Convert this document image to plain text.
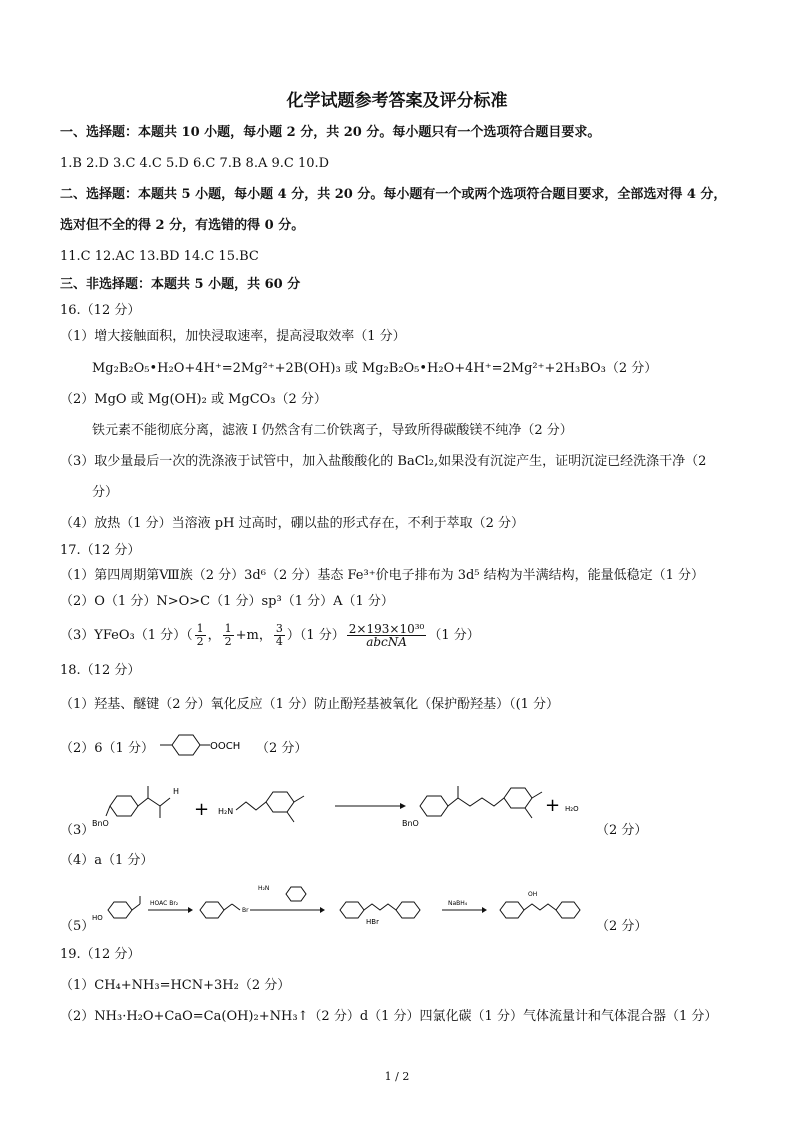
化学试题参考答案及评分标准
一、选择题：本题共 10 小题，每小题 2 分，共 20 分。每小题只有一个选项符合题目要求。
1.B 2.D 3.C 4.C 5.D 6.C 7.B 8.A 9.C 10.D
二、选择题：本题共 5 小题，每小题 4 分，共 20 分。每小题有一个或两个选项符合题目要求，全部选对得 4 分，
选对但不全的得 2 分，有选错的得 0 分。
11.C 12.AC 13.BD 14.C 15.BC
三、非选择题：本题共 5 小题，共 60 分
16.（12 分）
（1）增大接触面积，加快浸取速率，提高浸取效率（1 分）
Mg₂B₂O₅•H₂O+4H⁺=2Mg²⁺+2B(OH)₃ 或 Mg₂B₂O₅•H₂O+4H⁺=2Mg²⁺+2H₃BO₃（2 分）
（2）MgO 或 Mg(OH)₂ 或 MgCO₃（2 分）
铁元素不能彻底分离，滤液 I 仍然含有二价铁离子，导致所得碳酸镁不纯净（2 分）
（3）取少量最后一次的洗涤液于试管中，加入盐酸酸化的 BaCl₂,如果没有沉淀产生，证明沉淀已经洗涤干净（2
分）
（4）放热（1 分）当溶液 pH 过高时，硼以盐的形式存在，不利于萃取（2 分）
17.（12 分）
（1）第四周期第Ⅷ族（2 分）3d⁶（2 分）基态 Fe³⁺价电子排布为 3d⁵ 结构为半满结构，能量低稳定（1 分）
（2）O（1 分）N>O>C（1 分）sp³（1 分）A（1 分）
（3）YFeO₃（1 分）（ $\frac{1}{2}$ ， $\frac{1}{2} +m$， $\frac{3}{4} )(1$ 分） $\frac{\text{2×193×10³⁰}}{\text{abcNA}} (1$ 分）
18.（12 分）
（1）羟基、醚键（2 分）氧化反应（1 分）防止酚羟基被氧化（保护酚羟基）（(1 分）
（2）6（1 分）	OOCH （2 分）
BnO
H
+ H₂N
BnO
+ H₂O
（3）	（2 分）
（4）a（1 分）
HO
HOAC Br₂
Br
H₂N
HBr
NaBH₄
OH
（5）	（2 分）
19.（12 分）
（1）CH₄+NH₃=HCN+3H₂（2 分）
（2）NH₃·H₂O+CaO=Ca(OH)₂+NH₃↑（2 分）d（1 分）四氯化碳（1 分）气体流量计和气体混合器（1 分）
1 / 2
